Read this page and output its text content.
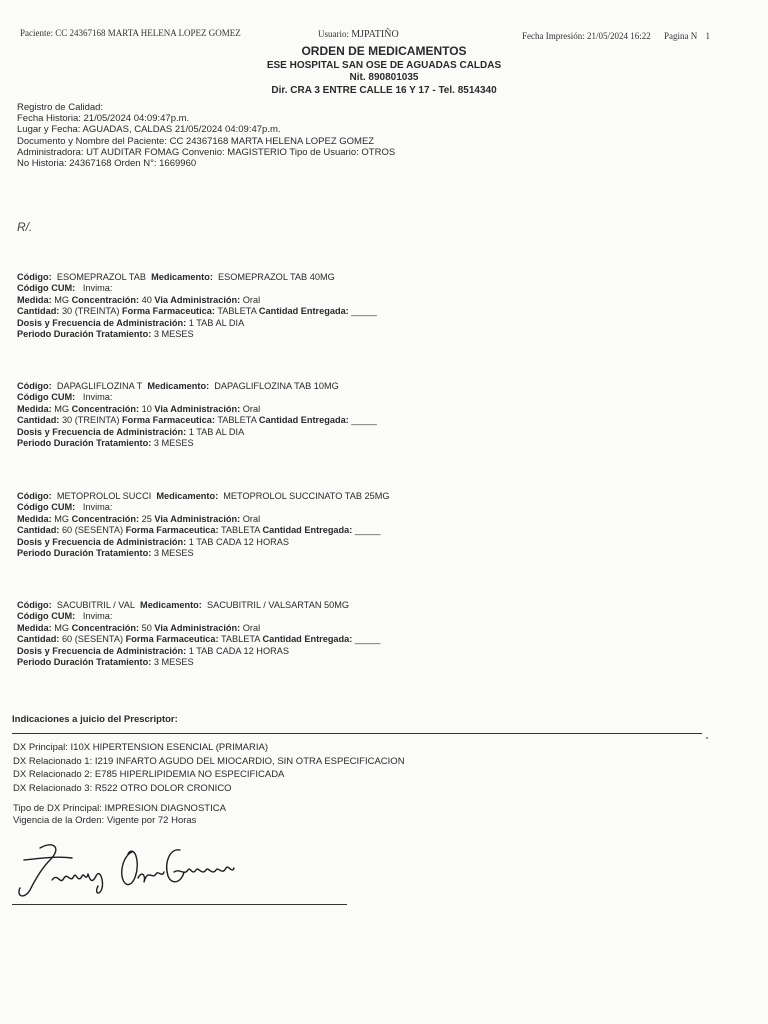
Paciente: CC 24367168 MARTA HELENA LOPEZ GOMEZ	Usuario: MJPATIÑO	Fecha Impresión: 21/05/2024 16:22 Pagina N 1
ORDEN DE MEDICAMENTOS
ESE HOSPITAL SAN OSE DE AGUADAS CALDAS
Nit. 890801035
Dir. CRA 3 ENTRE CALLE 16 Y 17 - Tel. 8514340
Registro de Calidad:
Fecha Historia: 21/05/2024 04:09:47p.m.
Lugar y Fecha: AGUADAS, CALDAS 21/05/2024 04:09:47p.m.
Documento y Nombre del Paciente: CC 24367168 MARTA HELENA LOPEZ GOMEZ
Administradora: UT AUDITAR FOMAG Convenio: MAGISTERIO Tipo de Usuario: OTROS
No Historia: 24367168 Orden N°: 1669960
R/.
Código: ESOMEPRAZOL TAB Medicamento: ESOMEPRAZOL TAB 40MG
Código CUM: Invima:
Medida: MG Concentración: 40 Via Administración: Oral
Cantidad: 30 (TREINTA) Forma Farmaceutica: TABLETA Cantidad Entregada: _____
Dosis y Frecuencia de Administración: 1 TAB AL DIA
Periodo Duración Tratamiento: 3 MESES
Código: DAPAGLIFLOZINA T Medicamento: DAPAGLIFLOZINA TAB 10MG
Código CUM: Invima:
Medida: MG Concentración: 10 Via Administración: Oral
Cantidad: 30 (TREINTA) Forma Farmaceutica: TABLETA Cantidad Entregada: _____
Dosis y Frecuencia de Administración: 1 TAB AL DIA
Periodo Duración Tratamiento: 3 MESES
Código: METOPROLOL SUCCI Medicamento: METOPROLOL SUCCINATO TAB 25MG
Código CUM: Invima:
Medida: MG Concentración: 25 Via Administración: Oral
Cantidad: 60 (SESENTA) Forma Farmaceutica: TABLETA Cantidad Entregada: _____
Dosis y Frecuencia de Administración: 1 TAB CADA 12 HORAS
Periodo Duración Tratamiento: 3 MESES
Código: SACUBITRIL / VAL Medicamento: SACUBITRIL / VALSARTAN 50MG
Código CUM: Invima:
Medida: MG Concentración: 50 Via Administración: Oral
Cantidad: 60 (SESENTA) Forma Farmaceutica: TABLETA Cantidad Entregada: _____
Dosis y Frecuencia de Administración: 1 TAB CADA 12 HORAS
Periodo Duración Tratamiento: 3 MESES
Indicaciones a juicio del Prescriptor:
DX Principal: I10X HIPERTENSION ESENCIAL (PRIMARIA)
DX Relacionado 1: I219 INFARTO AGUDO DEL MIOCARDIO, SIN OTRA ESPECIFICACION
DX Relacionado 2: E785 HIPERLIPIDEMIA NO ESPECIFICADA
DX Relacionado 3: R522 OTRO DOLOR CRONICO
Tipo de DX Principal: IMPRESION DIAGNOSTICA
Vigencia de la Orden: Vigente por 72 Horas
